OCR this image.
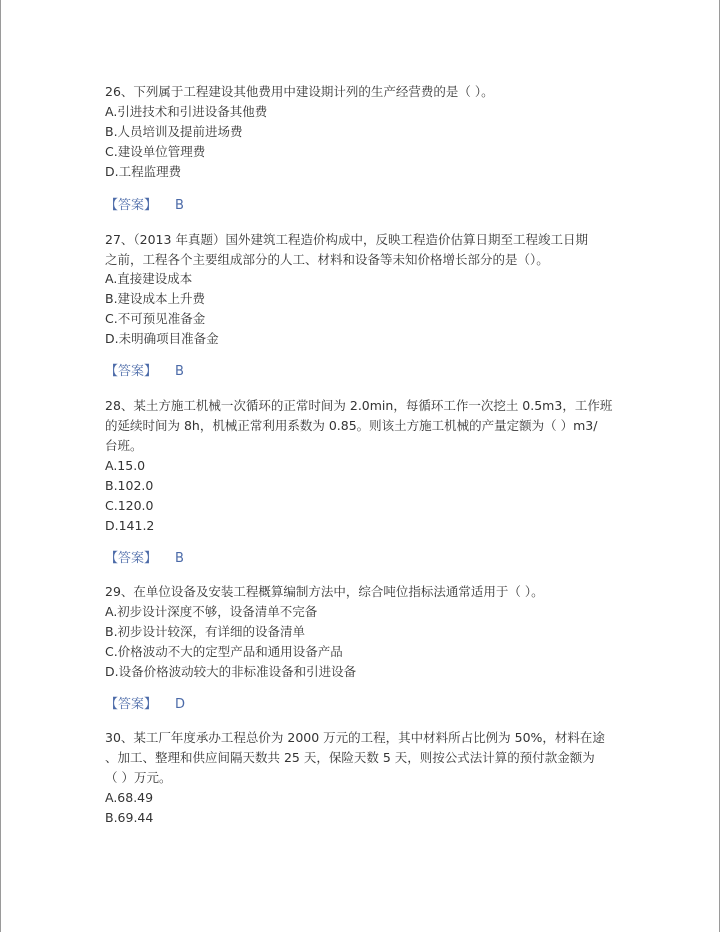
26、下列属于工程建设其他费用中建设期计列的生产经营费的是（ ）。
A.引进技术和引进设备其他费
B.人员培训及提前进场费
C.建设单位管理费
D.工程监理费
【答案】 B
27、（2013 年真题）国外建筑工程造价构成中，反映工程造价估算日期至工程竣工日期
之前，工程各个主要组成部分的人工、材料和设备等未知价格增长部分的是（）。
A.直接建设成本
B.建设成本上升费
C.不可预见准备金
D.未明确项目准备金
【答案】 B
28、某土方施工机械一次循环的正常时间为 2.0min，每循环工作一次挖土 0.5m3，工作班
的延续时间为 8h，机械正常利用系数为 0.85。则该土方施工机械的产量定额为（ ）m3/
台班。
A.15.0
B.102.0
C.120.0
D.141.2
【答案】 B
29、在单位设备及安装工程概算编制方法中，综合吨位指标法通常适用于（ ）。
A.初步设计深度不够，设备清单不完备
B.初步设计较深，有详细的设备清单
C.价格波动不大的定型产品和通用设备产品
D.设备价格波动较大的非标准设备和引进设备
【答案】 D
30、某工厂年度承办工程总价为 2000 万元的工程，其中材料所占比例为 50%，材料在途
、加工、整理和供应间隔天数共 25 天，保险天数 5 天，则按公式法计算的预付款金额为
（ ）万元。
A.68.49
B.69.44
